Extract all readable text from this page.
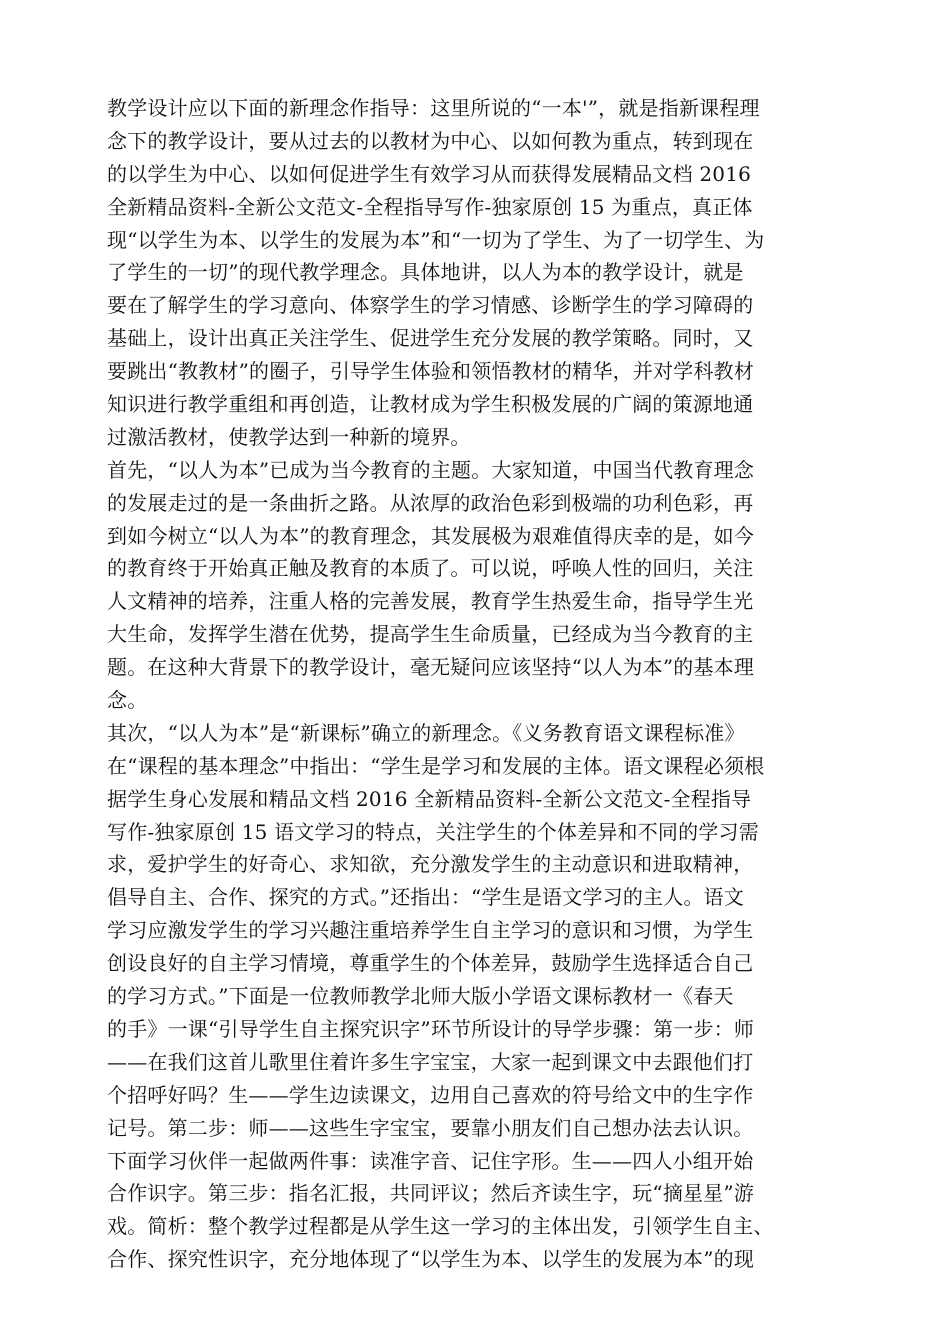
教学设计应以下面的新理念作指导：这里所说的“一本'”，就是指新课程理
念下的教学设计，要从过去的以教材为中心、以如何教为重点，转到现在
的以学生为中心、以如何促进学生有效学习从而获得发展精品文档 2016
全新精品资料-全新公文范文-全程指导写作-独家原创 15 为重点，真正体
现“以学生为本、以学生的发展为本”和“一切为了学生、为了一切学生、为
了学生的一切”的现代教学理念。具体地讲，以人为本的教学设计，就是
要在了解学生的学习意向、体察学生的学习情感、诊断学生的学习障碍的
基础上，设计出真正关注学生、促进学生充分发展的教学策略。同时，又
要跳出“教教材”的圈子，引导学生体验和领悟教材的精华，并对学科教材
知识进行教学重组和再创造，让教材成为学生积极发展的广阔的策源地通
过激活教材，使教学达到一种新的境界。
首先，“以人为本”已成为当今教育的主题。大家知道，中国当代教育理念
的发展走过的是一条曲折之路。从浓厚的政治色彩到极端的功利色彩，再
到如今树立“以人为本”的教育理念，其发展极为艰难值得庆幸的是，如今
的教育终于开始真正触及教育的本质了。可以说，呼唤人性的回归，关注
人文精神的培养，注重人格的完善发展，教育学生热爱生命，指导学生光
大生命，发挥学生潜在优势，提高学生生命质量，已经成为当今教育的主
题。在这种大背景下的教学设计，毫无疑问应该坚持“以人为本”的基本理
念。
其次，“以人为本”是“新课标”确立的新理念。《义务教育语文课程标准》
在“课程的基本理念”中指出：“学生是学习和发展的主体。语文课程必须根
据学生身心发展和精品文档 2016 全新精品资料-全新公文范文-全程指导
写作-独家原创 15 语文学习的特点，关注学生的个体差异和不同的学习需
求，爱护学生的好奇心、求知欲，充分激发学生的主动意识和进取精神，
倡导自主、合作、探究的方式。”还指出：“学生是语文学习的主人。语文
学习应激发学生的学习兴趣注重培养学生自主学习的意识和习惯，为学生
创设良好的自主学习情境，尊重学生的个体差异，鼓励学生选择适合自己
的学习方式。”下面是一位教师教学北师大版小学语文课标教材一《春天
的手》一课“引导学生自主探究识字”环节所设计的导学步骤：第一步：师
——在我们这首儿歌里住着许多生字宝宝，大家一起到课文中去跟他们打
个招呼好吗？生——学生边读课文，边用自己喜欢的符号给文中的生字作
记号。第二步：师——这些生字宝宝，要靠小朋友们自己想办法去认识。
下面学习伙伴一起做两件事：读准字音、记住字形。生——四人小组开始
合作识字。第三步：指名汇报，共同评议；然后齐读生字，玩“摘星星”游
戏。简析：整个教学过程都是从学生这一学习的主体出发，引领学生自主、
合作、探究性识字，充分地体现了“以学生为本、以学生的发展为本”的现
